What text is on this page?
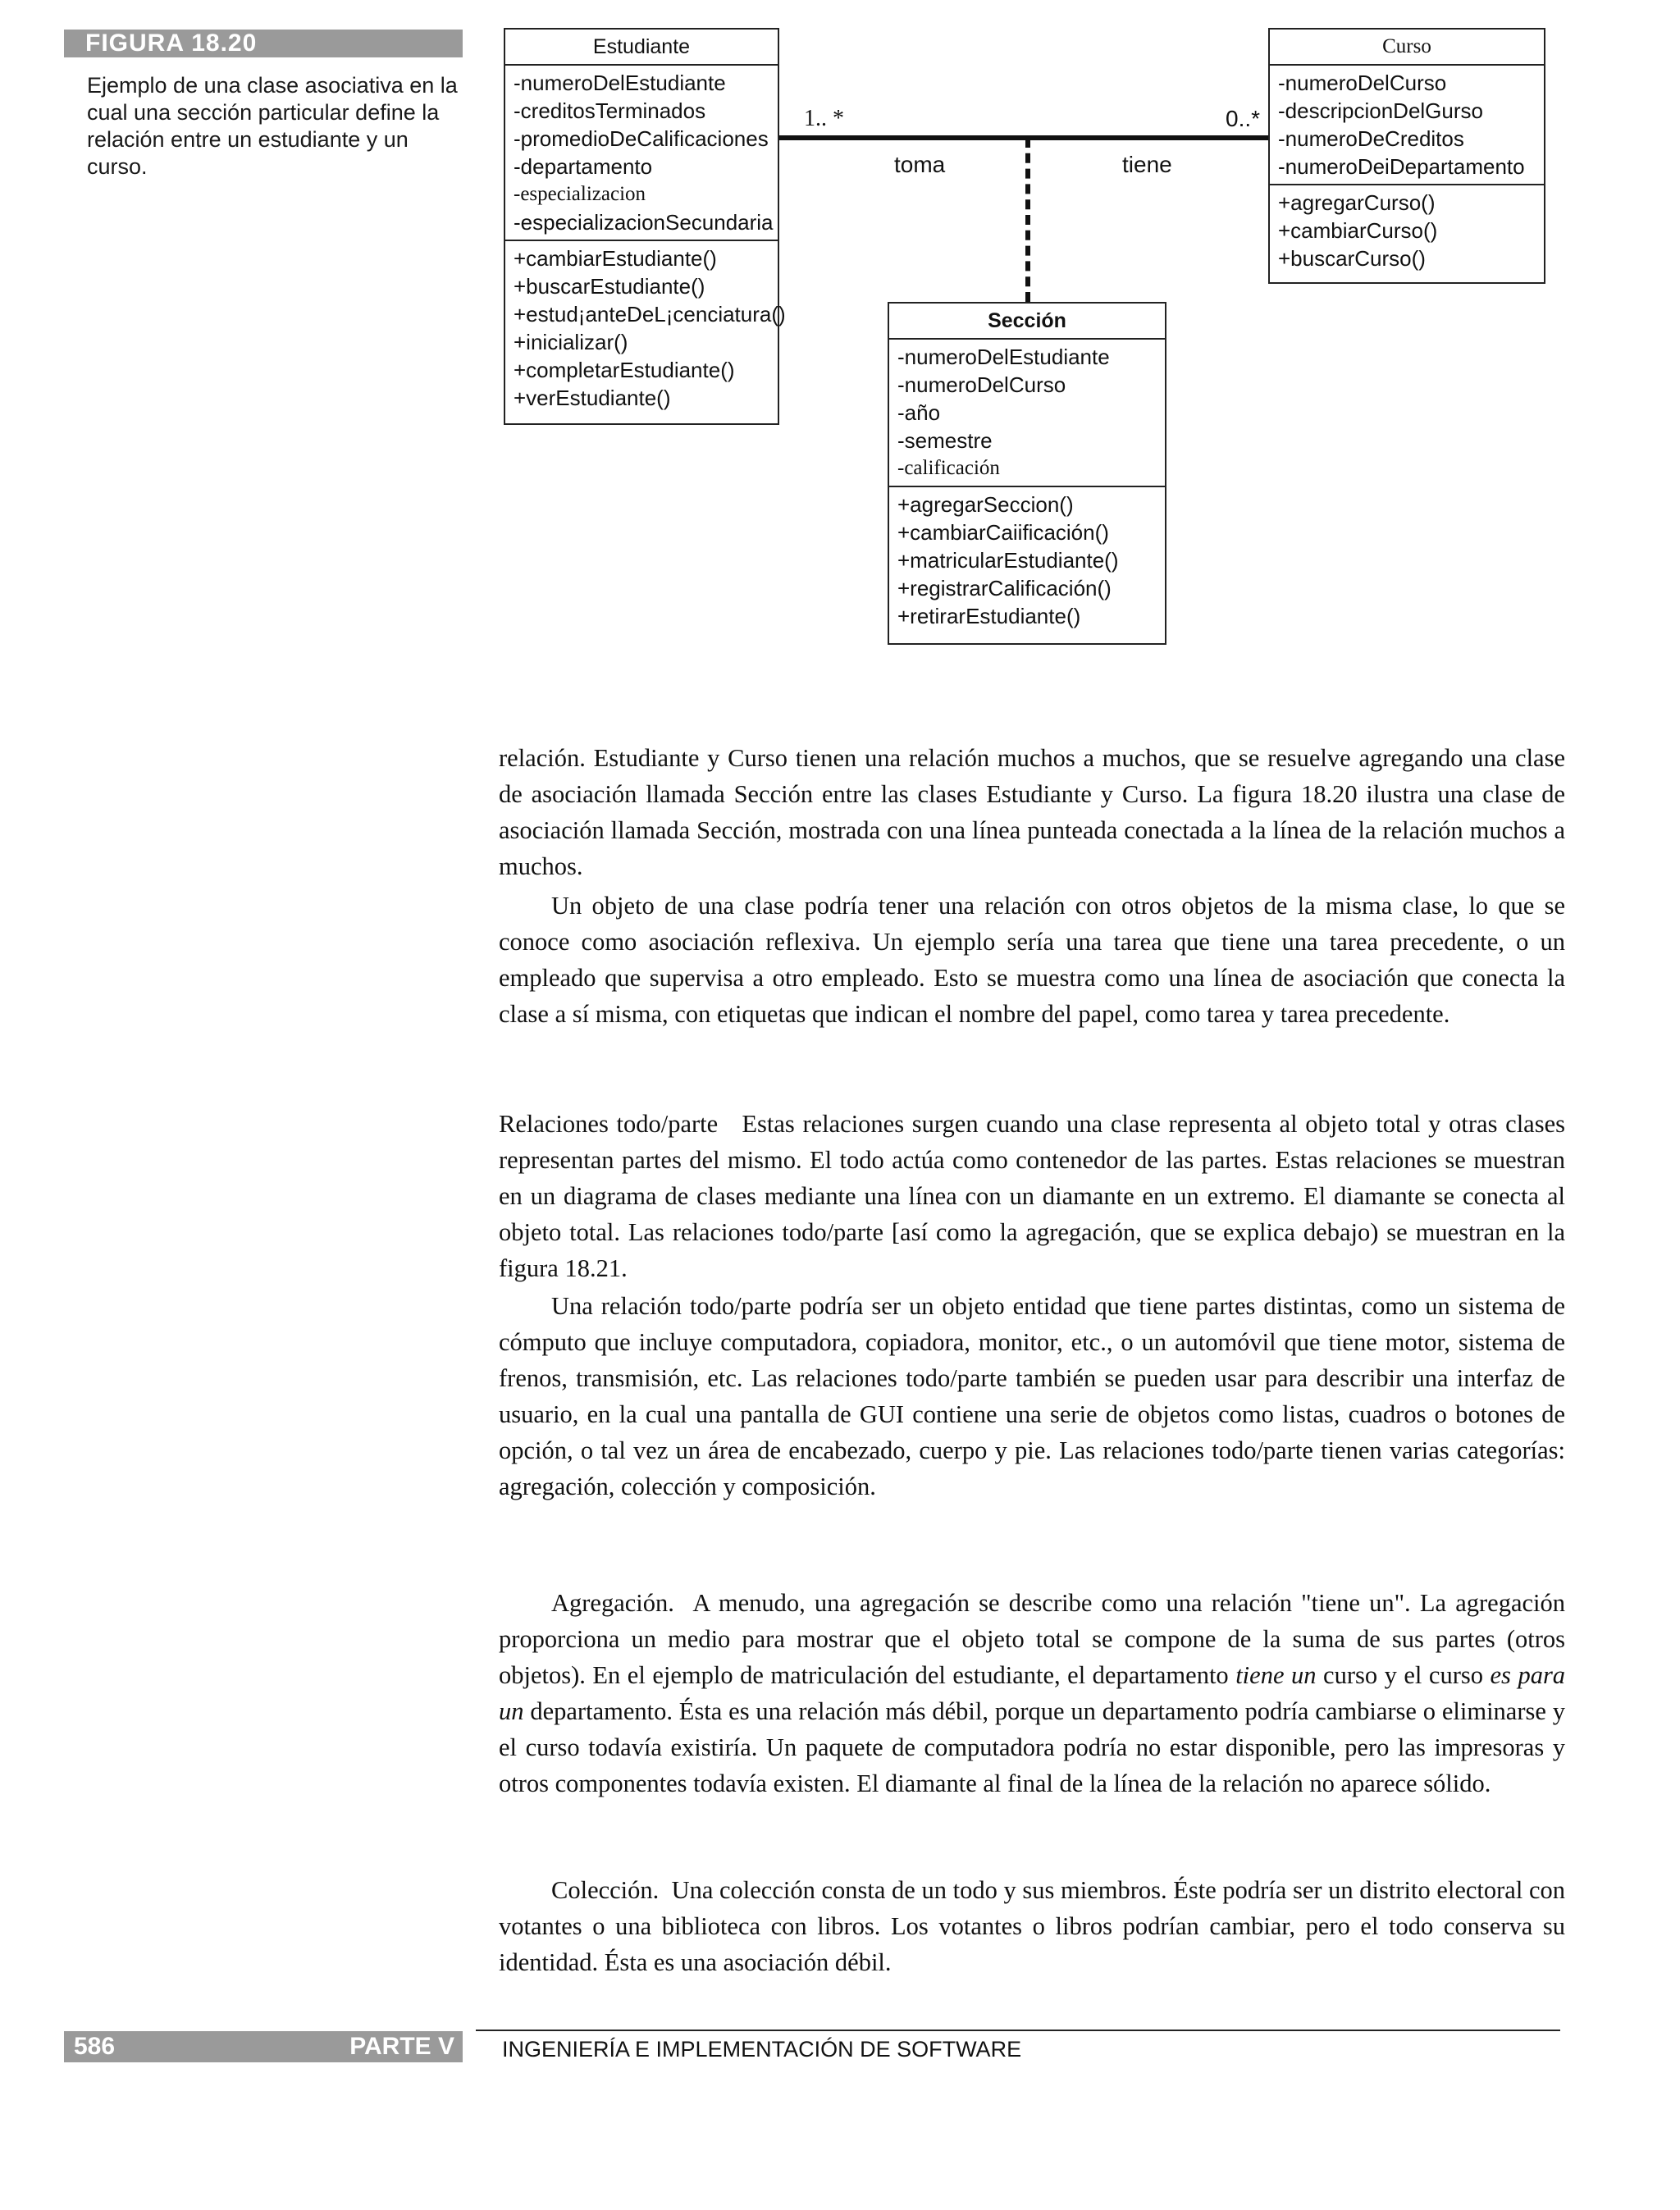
FIGURA 18.20
Ejemplo de una clase asociativa en la cual una sección particular define la relación entre un estudiante y un curso.
1.. *	0..*
toma	tiene
Estudiante
-numeroDelEstudiante
-creditosTerminados
-promedioDeCalificaciones
-departamento
-especializacion
-especializacionSecundaria
+cambiarEstudiante()
+buscarEstudiante()
+estud¡anteDeL¡cenciatura()
+inicializar()
+completarEstudiante()
+verEstudiante()
Curso
-numeroDelCurso
-descripcionDelGurso
-numeroDeCreditos
-numeroDeiDepartamento
+agregarCurso()
+cambiarCurso()
+buscarCurso()
Sección
-numeroDelEstudiante
-numeroDelCurso
-año
-semestre
-calificación
+agregarSeccion()
+cambiarCaiificación()
+matricularEstudiante()
+registrarCalificación()
+retirarEstudiante()
relación. Estudiante y Curso tienen una relación muchos a muchos, que se resuelve agregando una clase de asociación llamada Sección entre las clases Estudiante y Curso. La figura 18.20 ilustra una clase de asociación llamada Sección, mostrada con una línea punteada conectada a la línea de la relación muchos a muchos.
Un objeto de una clase podría tener una relación con otros objetos de la misma clase, lo que se conoce como asociación reflexiva. Un ejemplo sería una tarea que tiene una tarea precedente, o un empleado que supervisa a otro empleado. Esto se muestra como una línea de asociación que conecta la clase a sí misma, con etiquetas que indican el nombre del papel, como tarea y tarea precedente.
Relaciones todo/parte Estas relaciones surgen cuando una clase representa al objeto total y otras clases representan partes del mismo. El todo actúa como contenedor de las partes. Estas relaciones se muestran en un diagrama de clases mediante una línea con un diamante en un extremo. El diamante se conecta al objeto total. Las relaciones todo/parte [así como la agregación, que se explica debajo) se muestran en la figura 18.21.
Una relación todo/parte podría ser un objeto entidad que tiene partes distintas, como un sistema de cómputo que incluye computadora, copiadora, monitor, etc., o un automóvil que tiene motor, sistema de frenos, transmisión, etc. Las relaciones todo/parte también se pueden usar para describir una interfaz de usuario, en la cual una pantalla de GUI contiene una serie de objetos como listas, cuadros o botones de opción, o tal vez un área de encabezado, cuerpo y pie. Las relaciones todo/parte tienen varias categorías: agregación, colección y composición.
Agregación. A menudo, una agregación se describe como una relación "tiene un". La agregación proporciona un medio para mostrar que el objeto total se compone de la suma de sus partes (otros objetos). En el ejemplo de matriculación del estudiante, el departamento tiene un curso y el curso es para un departamento. Ésta es una relación más débil, porque un departamento podría cambiarse o eliminarse y el curso todavía existiría. Un paquete de computadora podría no estar disponible, pero las impresoras y otros componentes todavía existen. El diamante al final de la línea de la relación no aparece sólido.
Colección. Una colección consta de un todo y sus miembros. Éste podría ser un distrito electoral con votantes o una biblioteca con libros. Los votantes o libros podrían cambiar, pero el todo conserva su identidad. Ésta es una asociación débil.
586	PARTE V INGENIERÍA E IMPLEMENTACIÓN DE SOFTWARE
